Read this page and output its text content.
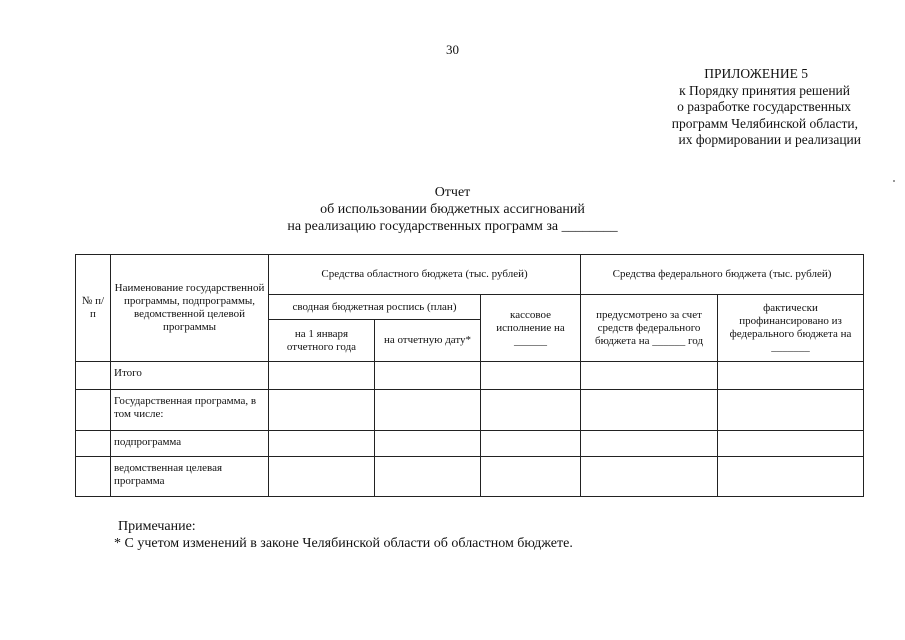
30
ПРИЛОЖЕНИЕ 5
к Порядку принятия решений
о разработке государственных
программ Челябинской области,
их формировании и реализации
Отчет
об использовании бюджетных ассигнований
на реализацию государственных программ за ________
№ п/п	Наименование государственной программы, подпрограммы, ведомственной целевой программы	Средства областного бюджета (тыс. рублей)			Средства федерального бюджета (тыс. рублей)	
		сводная бюджетная роспись (план)		кассовое исполнение на ______	предусмотрено за счет средств федерального бюджета на ______ год	фактически профинансировано из федерального бюджета на _______
		на 1 января отчетного года	на отчетную дату*			
	Итого					
	Государственная программа, в том числе:					
	подпрограмма					
	ведомственная целевая программа					
Примечание:
* С учетом изменений в законе Челябинской области об областном бюджете.
